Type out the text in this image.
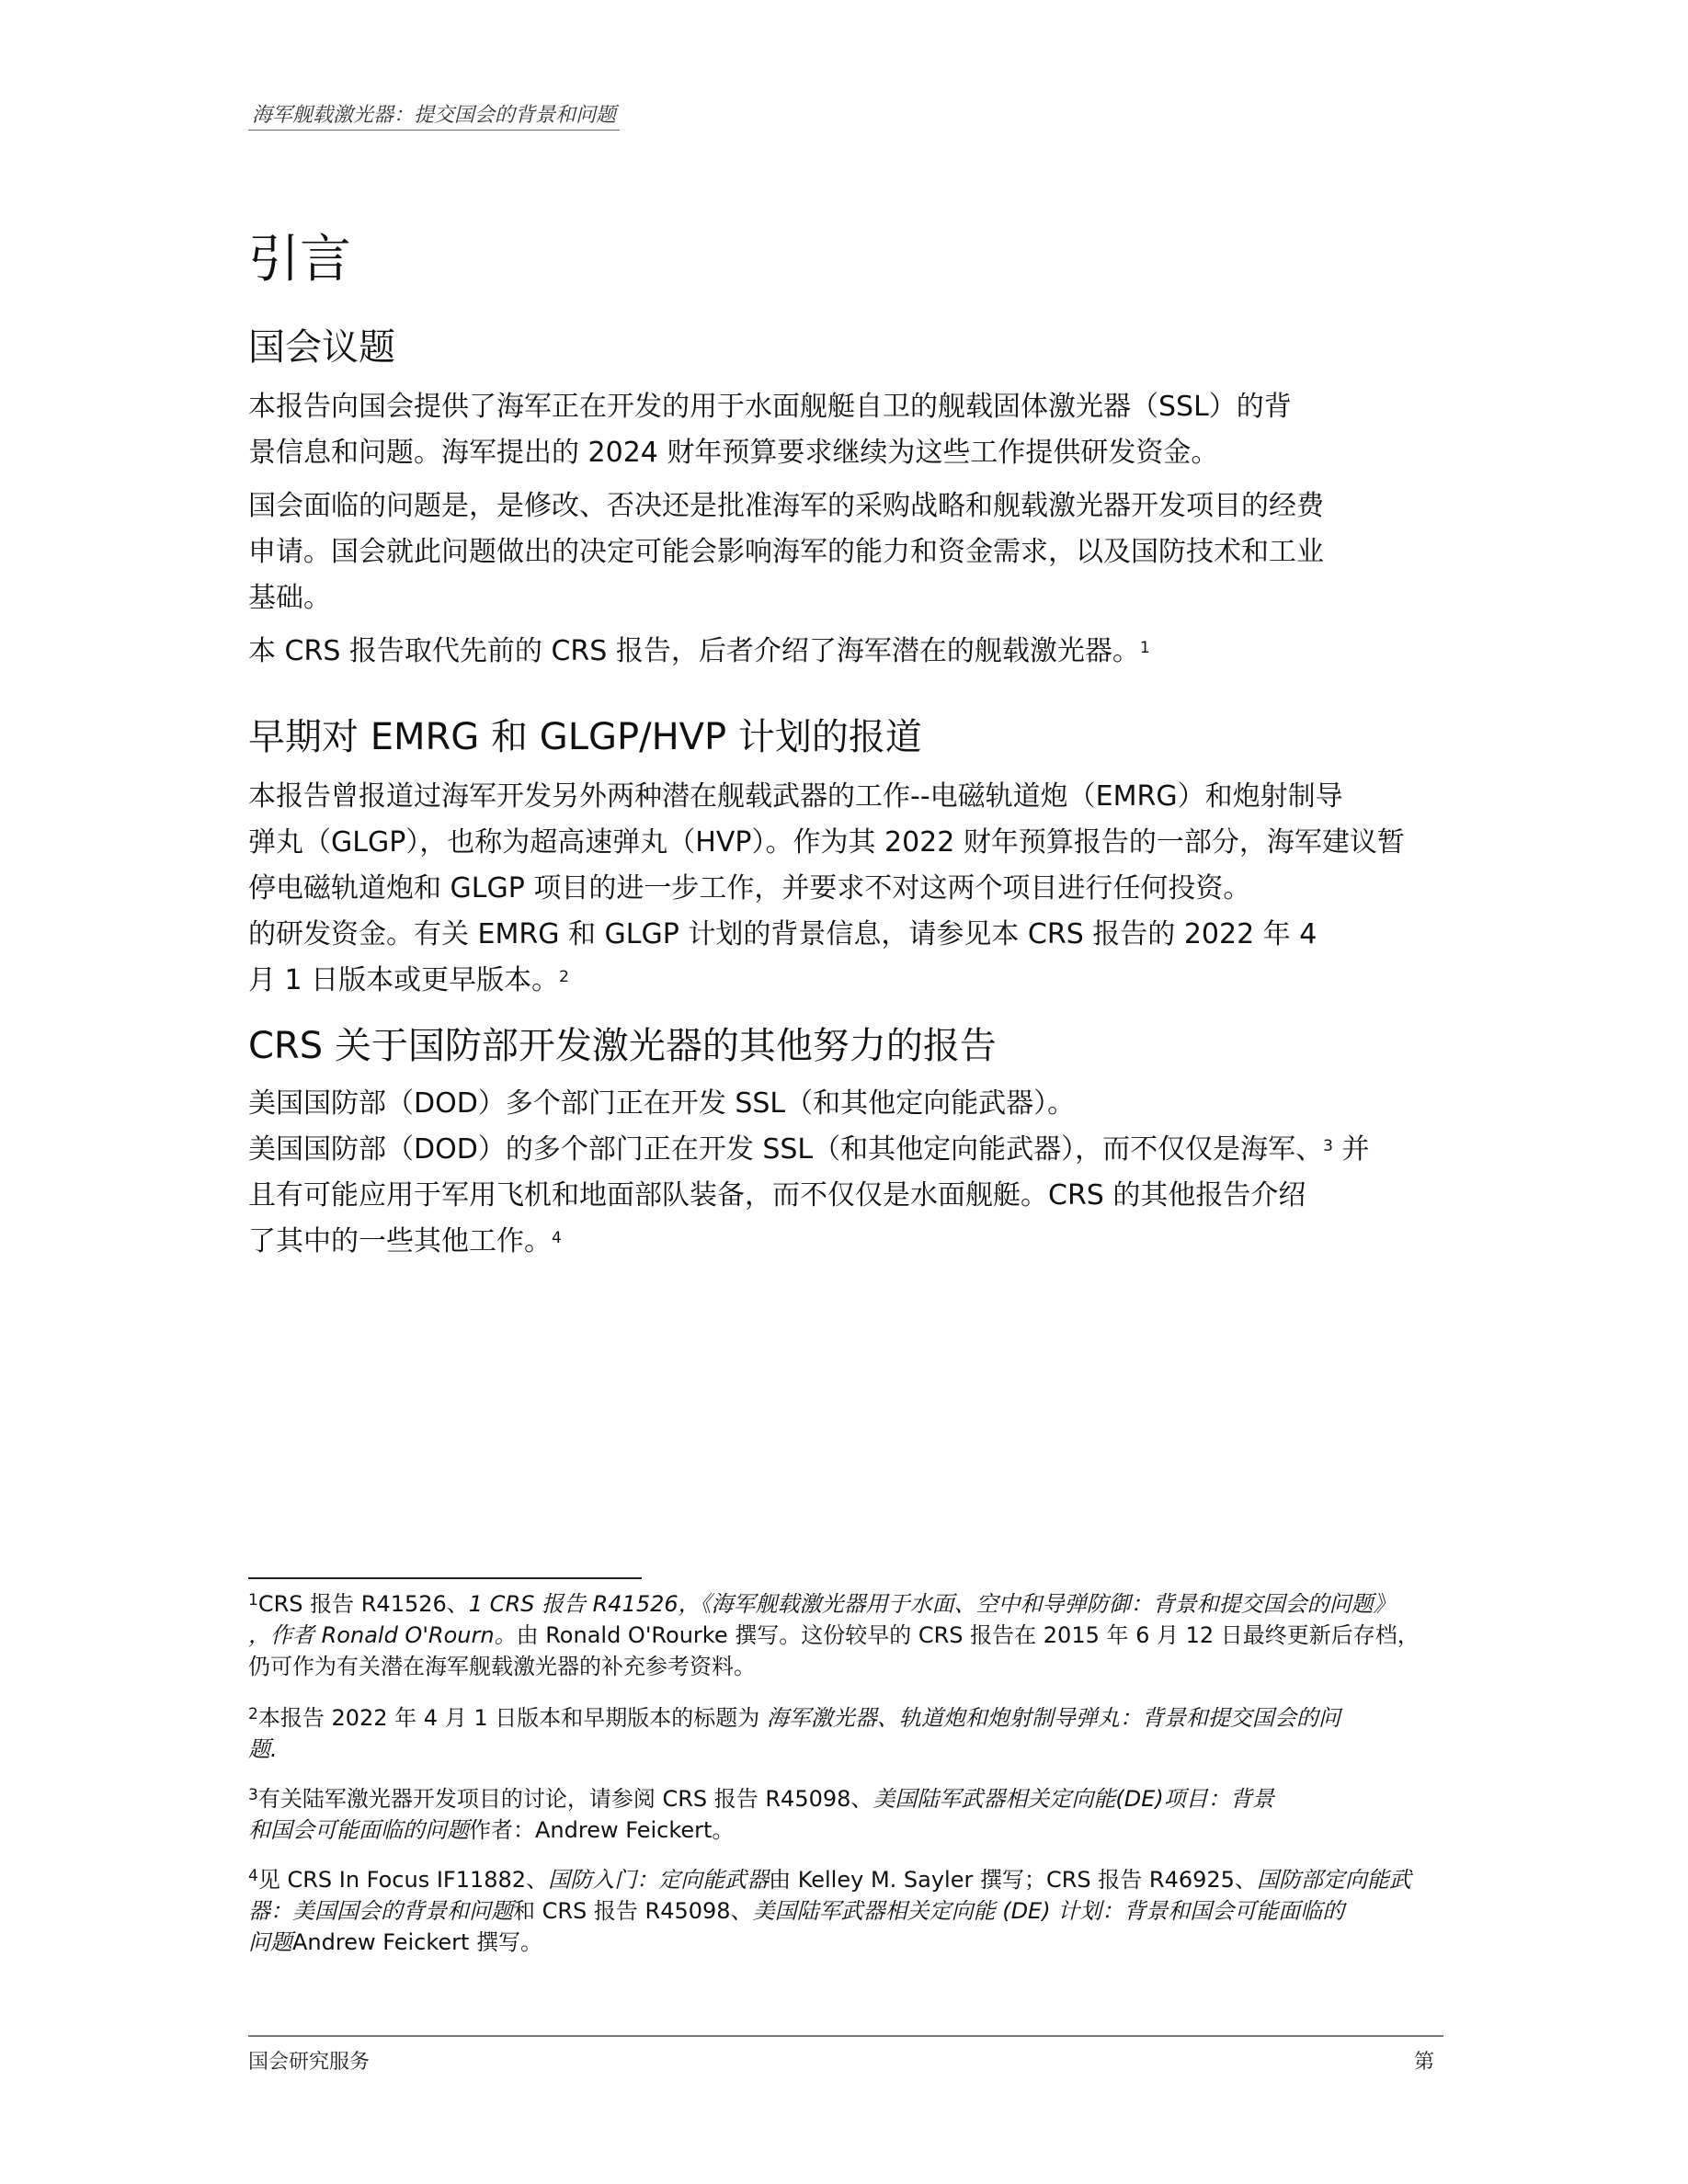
海军舰载激光器：提交国会的背景和问题
引言
国会议题

本报告向国会提供了海军正在开发的用于水面舰艇自卫的舰载固体激光器（SSL）的背
景信息和问题。海军提出的 2024 财年预算要求继续为这些工作提供研发资金。

国会面临的问题是，是修改、否决还是批准海军的采购战略和舰载激光器开发项目的经费
申请。国会就此问题做出的决定可能会影响海军的能力和资金需求，以及国防技术和工业
基础。

本 CRS 报告取代先前的 CRS 报告，后者介绍了海军潜在的舰载激光器。$^1$

早期对 EMRG 和 GLGP/HVP 计划的报道

本报告曾报道过海军开发另外两种潜在舰载武器的工作--电磁轨道炮（EMRG）和炮射制导
弹丸（GLGP），也称为超高速弹丸（HVP）。作为其 2022 财年预算报告的一部分，海军建议暂
停电磁轨道炮和 GLGP 项目的进一步工作，并要求不对这两个项目进行任何投资。
的研发资金。有关 EMRG 和 GLGP 计划的背景信息，请参见本 CRS 报告的 2022 年 4
月 1 日版本或更早版本。$^2$

CRS 关于国防部开发激光器的其他努力的报告

美国国防部（DOD）多个部门正在开发 SSL（和其他定向能武器）。
美国国防部（DOD）的多个部门正在开发 SSL（和其他定向能武器），而不仅仅是海军、$^3$ 并
且有可能应用于军用飞机和地面部队装备，而不仅仅是水面舰艇。CRS 的其他报告介绍
了其中的一些其他工作。$^4$

$^1$CRS 报告 R41526、1 CRS 报告 R41526，《海军舰载激光器用于水面、空中和导弹防御：背景和提交国会的问题》
，作者 Ronald O'Rourn。由 Ronald O'Rourke 撰写。这份较早的 CRS 报告在 2015 年 6 月 12 日最终更新后存档，
仍可作为有关潜在海军舰载激光器的补充参考资料。
$^2$本报告 2022 年 4 月 1 日版本和早期版本的标题为 海军激光器、轨道炮和炮射制导弹丸：背景和提交国会的问
题.
$^3$有关陆军激光器开发项目的讨论，请参阅 CRS 报告 R45098、美国陆军武器相关定向能(DE)项目：背景
和国会可能面临的问题作者：Andrew Feickert。
$^4$见 CRS In Focus IF11882、国防入门：定向能武器由 Kelley M. Sayler 撰写；CRS 报告 R46925、国防部定向能武
器：美国国会的背景和问题和 CRS 报告 R45098、美国陆军武器相关定向能 (DE) 计划：背景和国会可能面临的
问题Andrew Feickert 撰写。
国会研究服务	第
